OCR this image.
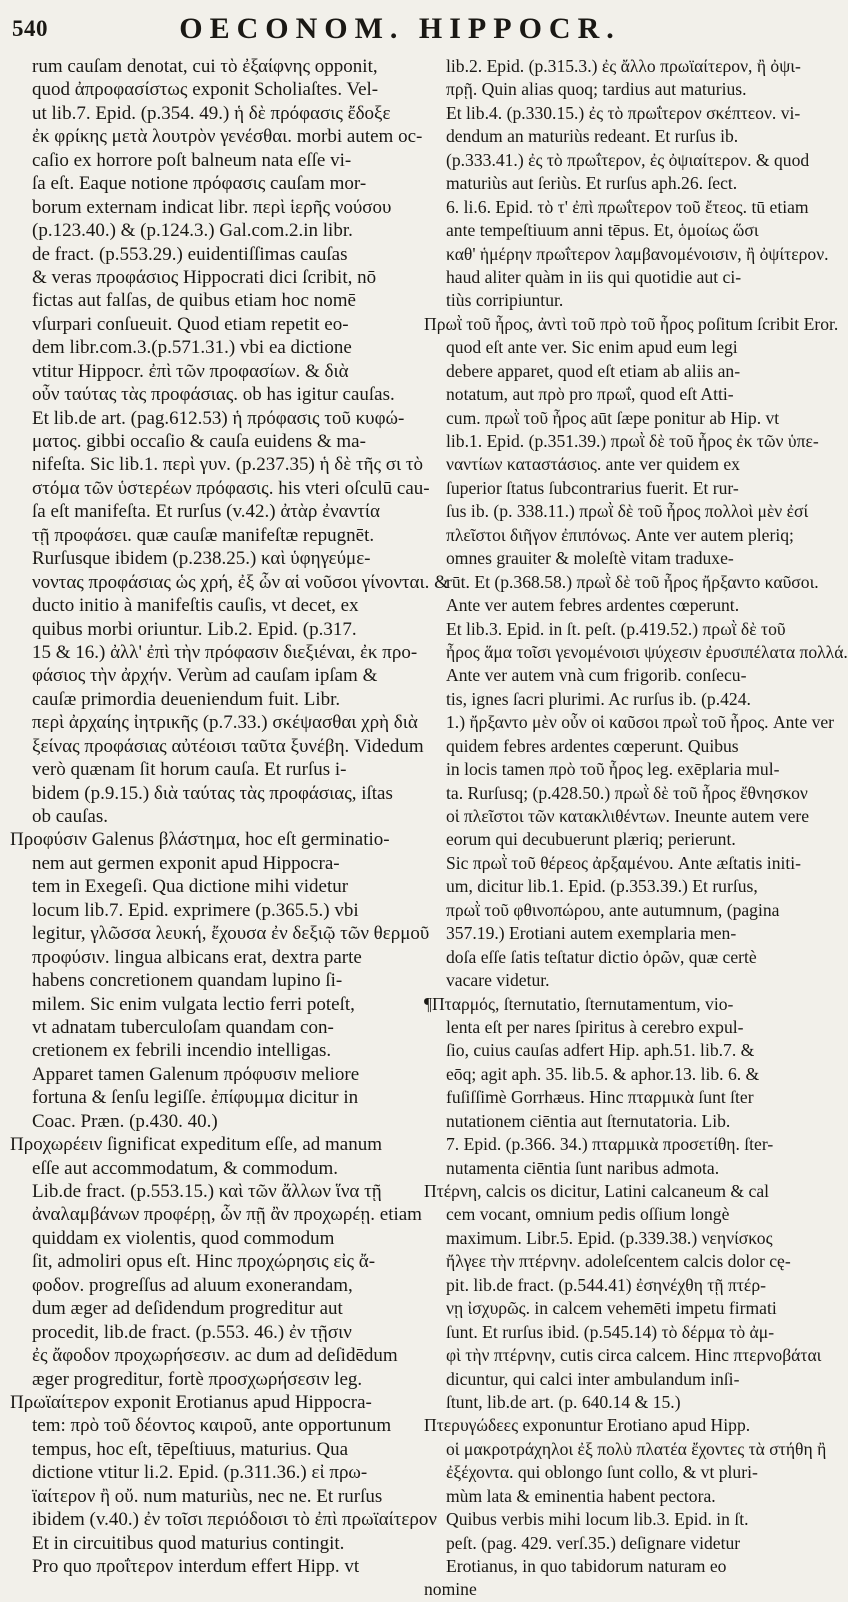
540	OECONOM. HIPPOCR.
rum cauſam denotat, cui τὸ ἐξαίφνης opponit,
quod ἀπροφασίστως exponit Scholiaſtes. Vel-
ut lib.7. Epid. (p.354. 49.) ἡ δὲ πρόφασις ἔδοξε
ἐκ φρίκης μετὰ λουτρὸν γενέσθαι. morbi autem oc-
caſio ex horrore poſt balneum nata eſſe vi-
ſa eſt. Eaque notione πρόφασις cauſam mor-
borum externam indicat libr. περὶ ἱερῆς νούσου
(p.123.40.) & (p.124.3.) Gal.com.2.in libr.
de fract. (p.553.29.) euidentiſſimas cauſas
& veras προφάσιος Hippocrati dici ſcribit, nō
fictas aut falſas, de quibus etiam hoc nomē
vſurpari conſueuit. Quod etiam repetit eo-
dem libr.com.3.(p.571.31.) vbi ea dictione
vtitur Hippocr. ἐπὶ τῶν προφασίων. & διὰ
οὖν ταύτας τὰς προφάσιας. ob has igitur cauſas.
Et lib.de art. (pag.612.53) ἡ πρόφασις τοῦ κυφώ-
ματος. gibbi occaſio & cauſa euidens & ma-
nifeſta. Sic lib.1. περὶ γυν. (p.237.35) ἡ δὲ τῆς σι τὸ
στόμα τῶν ὑστερέων πρόφασις. his vteri oſculū cau-
ſa eſt manifeſta. Et rurſus (v.42.) ἀτὰρ ἐναντία
τῇ προφάσει. quæ cauſæ manifeſtæ repugnēt.
Rurſusque ibidem (p.238.25.) καὶ ὑφηγεύμε-
νοντας προφάσιας ὡς χρή, ἐξ ὧν αἱ νοῦσοι γίνονται. &
ducto initio à manifeſtis cauſis, vt decet, ex
quibus morbi oriuntur. Lib.2. Epid. (p.317.
15 & 16.) ἀλλ' ἐπὶ τὴν πρόφασιν διεξιέναι, ἐκ προ-
φάσιος τὴν ἀρχήν. Verùm ad cauſam ipſam &
cauſæ primordia deueniendum fuit. Libr.
περὶ ἀρχαίης ἰητρικῆς (p.7.33.) σκέψασθαι χρὴ διὰ
ξείνας προφάσιας αὐτέοισι ταῦτα ξυνέβη. Videdum
verò quænam ſit horum cauſa. Et rurſus i-
bidem (p.9.15.) διὰ ταύτας τὰς προφάσιας, iſtas
ob cauſas.
Προφύσιν Galenus βλάστημα, hoc eſt germinatio-
nem aut germen exponit apud Hippocra-
tem in Exegeſi. Qua dictione mihi videtur
locum lib.7. Epid. exprimere (p.365.5.) vbi
legitur, γλῶσσα λευκή, ἔχουσα ἐν δεξιῷ τῶν θερμοῦ
προφύσιν. lingua albicans erat, dextra parte
habens concretionem quandam lupino ſi-
milem. Sic enim vulgata lectio ferri poteſt,
vt adnatam tuberculoſam quandam con-
cretionem ex febrili incendio intelligas.
Apparet tamen Galenum πρόφυσιν meliore
fortuna & ſenſu legiſſe. ἐπίφυμμα dicitur in
Coac. Præn. (p.430. 40.)
Προχωρέειν ſignificat expeditum eſſe, ad manum
eſſe aut accommodatum, & commodum.
Lib.de fract. (p.553.15.) καὶ τῶν ἄλλων ἵνα τῇ
ἀναλαμβάνων προφέρῃ, ὧν πῇ ἂν προχωρέῃ. etiam
quiddam ex violentis, quod commodum
ſit, admoliri opus eſt. Hinc προχώρησις εἰς ἄ-
φοδον. progreſſus ad aluum exonerandam,
dum æger ad deſidendum progreditur aut
procedit, lib.de fract. (p.553. 46.) ἐν τῇσιν
ἐς ἄφοδον προχωρήσεσιν. ac dum ad deſidēdum
æger progreditur, fortè προσχωρήσεσιν leg.
Πρωϊαίτερον exponit Erotianus apud Hippocra-
tem: πρὸ τοῦ δέοντος καιροῦ, ante opportunum
tempus, hoc eſt, tēpeſtiuus, maturius. Qua
dictione vtitur li.2. Epid. (p.311.36.) εἰ πρω-
ϊαίτερον ἢ οὔ. num maturiùs, nec ne. Et rurſus
ibidem (v.40.) ἐν τοῖσι περιόδοισι τὸ ἐπὶ πρωϊαίτερον
Et in circuitibus quod maturius contingit.
Pro quo προΐτερον interdum effert Hipp. vt
lib.2. Epid. (p.315.3.) ἐς ἄλλο πρωϊαίτερον, ἢ ὀψι-
πρῇ. Quin alias quoq; tardius aut maturius.
Et lib.4. (p.330.15.) ἐς τὸ πρωΐτερον σκέπτεον. vi-
dendum an maturiùs redeant. Et rurſus ib.
(p.333.41.) ἐς τὸ πρωΐτερον, ἐς ὀψιαίτερον. & quod
maturiùs aut ſeriùs. Et rurſus aph.26. ſect.
6. li.6. Epid. τὸ τ' ἐπὶ πρωΐτερον τοῦ ἔτεος. tū etiam
ante tempeſtiuum anni tēpus. Et, ὁμοίως ὥσι
καθ' ἡμέρην πρωΐτερον λαμβανομένοισιν, ἢ ὀψίτερον.
haud aliter quàm in iis qui quotidie aut ci-
tiùs corripiuntur.
Πρωῒ τοῦ ἦρος, ἀντὶ τοῦ πρὸ τοῦ ἦρος poſitum ſcribit Eror.
quod eſt ante ver. Sic enim apud eum legi
debere apparet, quod eſt etiam ab aliis an-
notatum, aut πρὸ pro πρωΐ, quod eſt Atti-
cum. πρωῒ τοῦ ἦρος aūt ſæpe ponitur ab Hip. vt
lib.1. Epid. (p.351.39.) πρωῒ δὲ τοῦ ἦρος ἐκ τῶν ὑπε-
ναντίων καταστάσιος. ante ver quidem ex
ſuperior ſtatus ſubcontrarius fuerit. Et rur-
ſus ib. (p. 338.11.) πρωῒ δὲ τοῦ ἦρος πολλοὶ μὲν ἐσί
πλεῖστοι διῆγον ἐπιπόνως. Ante ver autem pleriq;
omnes grauiter & moleſtè vitam traduxe-
rūt. Et (p.368.58.) πρωῒ δὲ τοῦ ἦρος ἤρξαντο καῦσοι.
Ante ver autem febres ardentes cœperunt.
Et lib.3. Epid. in ſt. peſt. (p.419.52.) πρωῒ δὲ τοῦ
ἦρος ἅμα τοῖσι γενομένοισι ψύχεσιν ἐρυσιπέλατα πολλά.
Ante ver autem vnà cum frigorib. conſecu-
tis, ignes ſacri plurimi. Ac rurſus ib. (p.424.
1.) ἤρξαντο μὲν οὖν οἱ καῦσοι πρωῒ τοῦ ἦρος. Ante ver
quidem febres ardentes cœperunt. Quibus
in locis tamen πρὸ τοῦ ἦρος leg. exēplaria mul-
ta. Rurſusq; (p.428.50.) πρωῒ δὲ τοῦ ἦρος ἔθνησκον
οἱ πλεῖστοι τῶν κατακλιθέντων. Ineunte autem vere
eorum qui decubuerunt plæriq; perierunt.
Sic πρωῒ τοῦ θέρεος ἀρξαμένου. Ante æſtatis initi-
um, dicitur lib.1. Epid. (p.353.39.) Et rurſus,
πρωῒ τοῦ φθινοπώρου, ante autumnum, (pagina
357.19.) Erotiani autem exemplaria men-
doſa eſſe ſatis teſtatur dictio ὁρῶν, quæ certè
vacare videtur.
¶Πταρμός, ſternutatio, ſternutamentum, vio-
lenta eſt per nares ſpiritus à cerebro expul-
ſio, cuius cauſas adfert Hip. aph.51. lib.7. &
eōq; agit aph. 35. lib.5. & aphor.13. lib. 6. &
fuſiſſimè Gorrhæus. Hinc πταρμικὰ ſunt ſter
nutationem ciēntia aut ſternutatoria. Lib.
7. Epid. (p.366. 34.) πταρμικὰ προσετίθη. ſter-
nutamenta ciēntia ſunt naribus admota.
Πτέρνη, calcis os dicitur, Latini calcaneum & cal
cem vocant, omnium pedis oſſium longè
maximum. Libr.5. Epid. (p.339.38.) νεηνίσκος
ἤλγεε τὴν πτέρνην. adoleſcentem calcis dolor cę-
pit. lib.de fract. (p.544.41) ἐσηνέχθη τῇ πτέρ-
νῃ ἰσχυρῶς. in calcem vehemēti impetu firmati
ſunt. Et rurſus ibid. (p.545.14) τὸ δέρμα τὸ ἀμ-
φὶ τὴν πτέρνην, cutis circa calcem. Hinc πτερνοβάται
dicuntur, qui calci inter ambulandum inſi-
ſtunt, lib.de art. (p. 640.14 & 15.)
Πτερυγώδεες exponuntur Erotiano apud Hipp.
οἱ μακροτράχηλοι ἐξ πολὺ πλατέα ἔχοντες τὰ στήθη ἢ
ἐξέχοντα. qui oblongo ſunt collo, & vt pluri-
mùm lata & eminentia habent pectora.
Quibus verbis mihi locum lib.3. Epid. in ſt.
peſt. (pag. 429. verſ.35.) deſignare videtur
Erotianus, in quo tabidorum naturam eo
nomine
